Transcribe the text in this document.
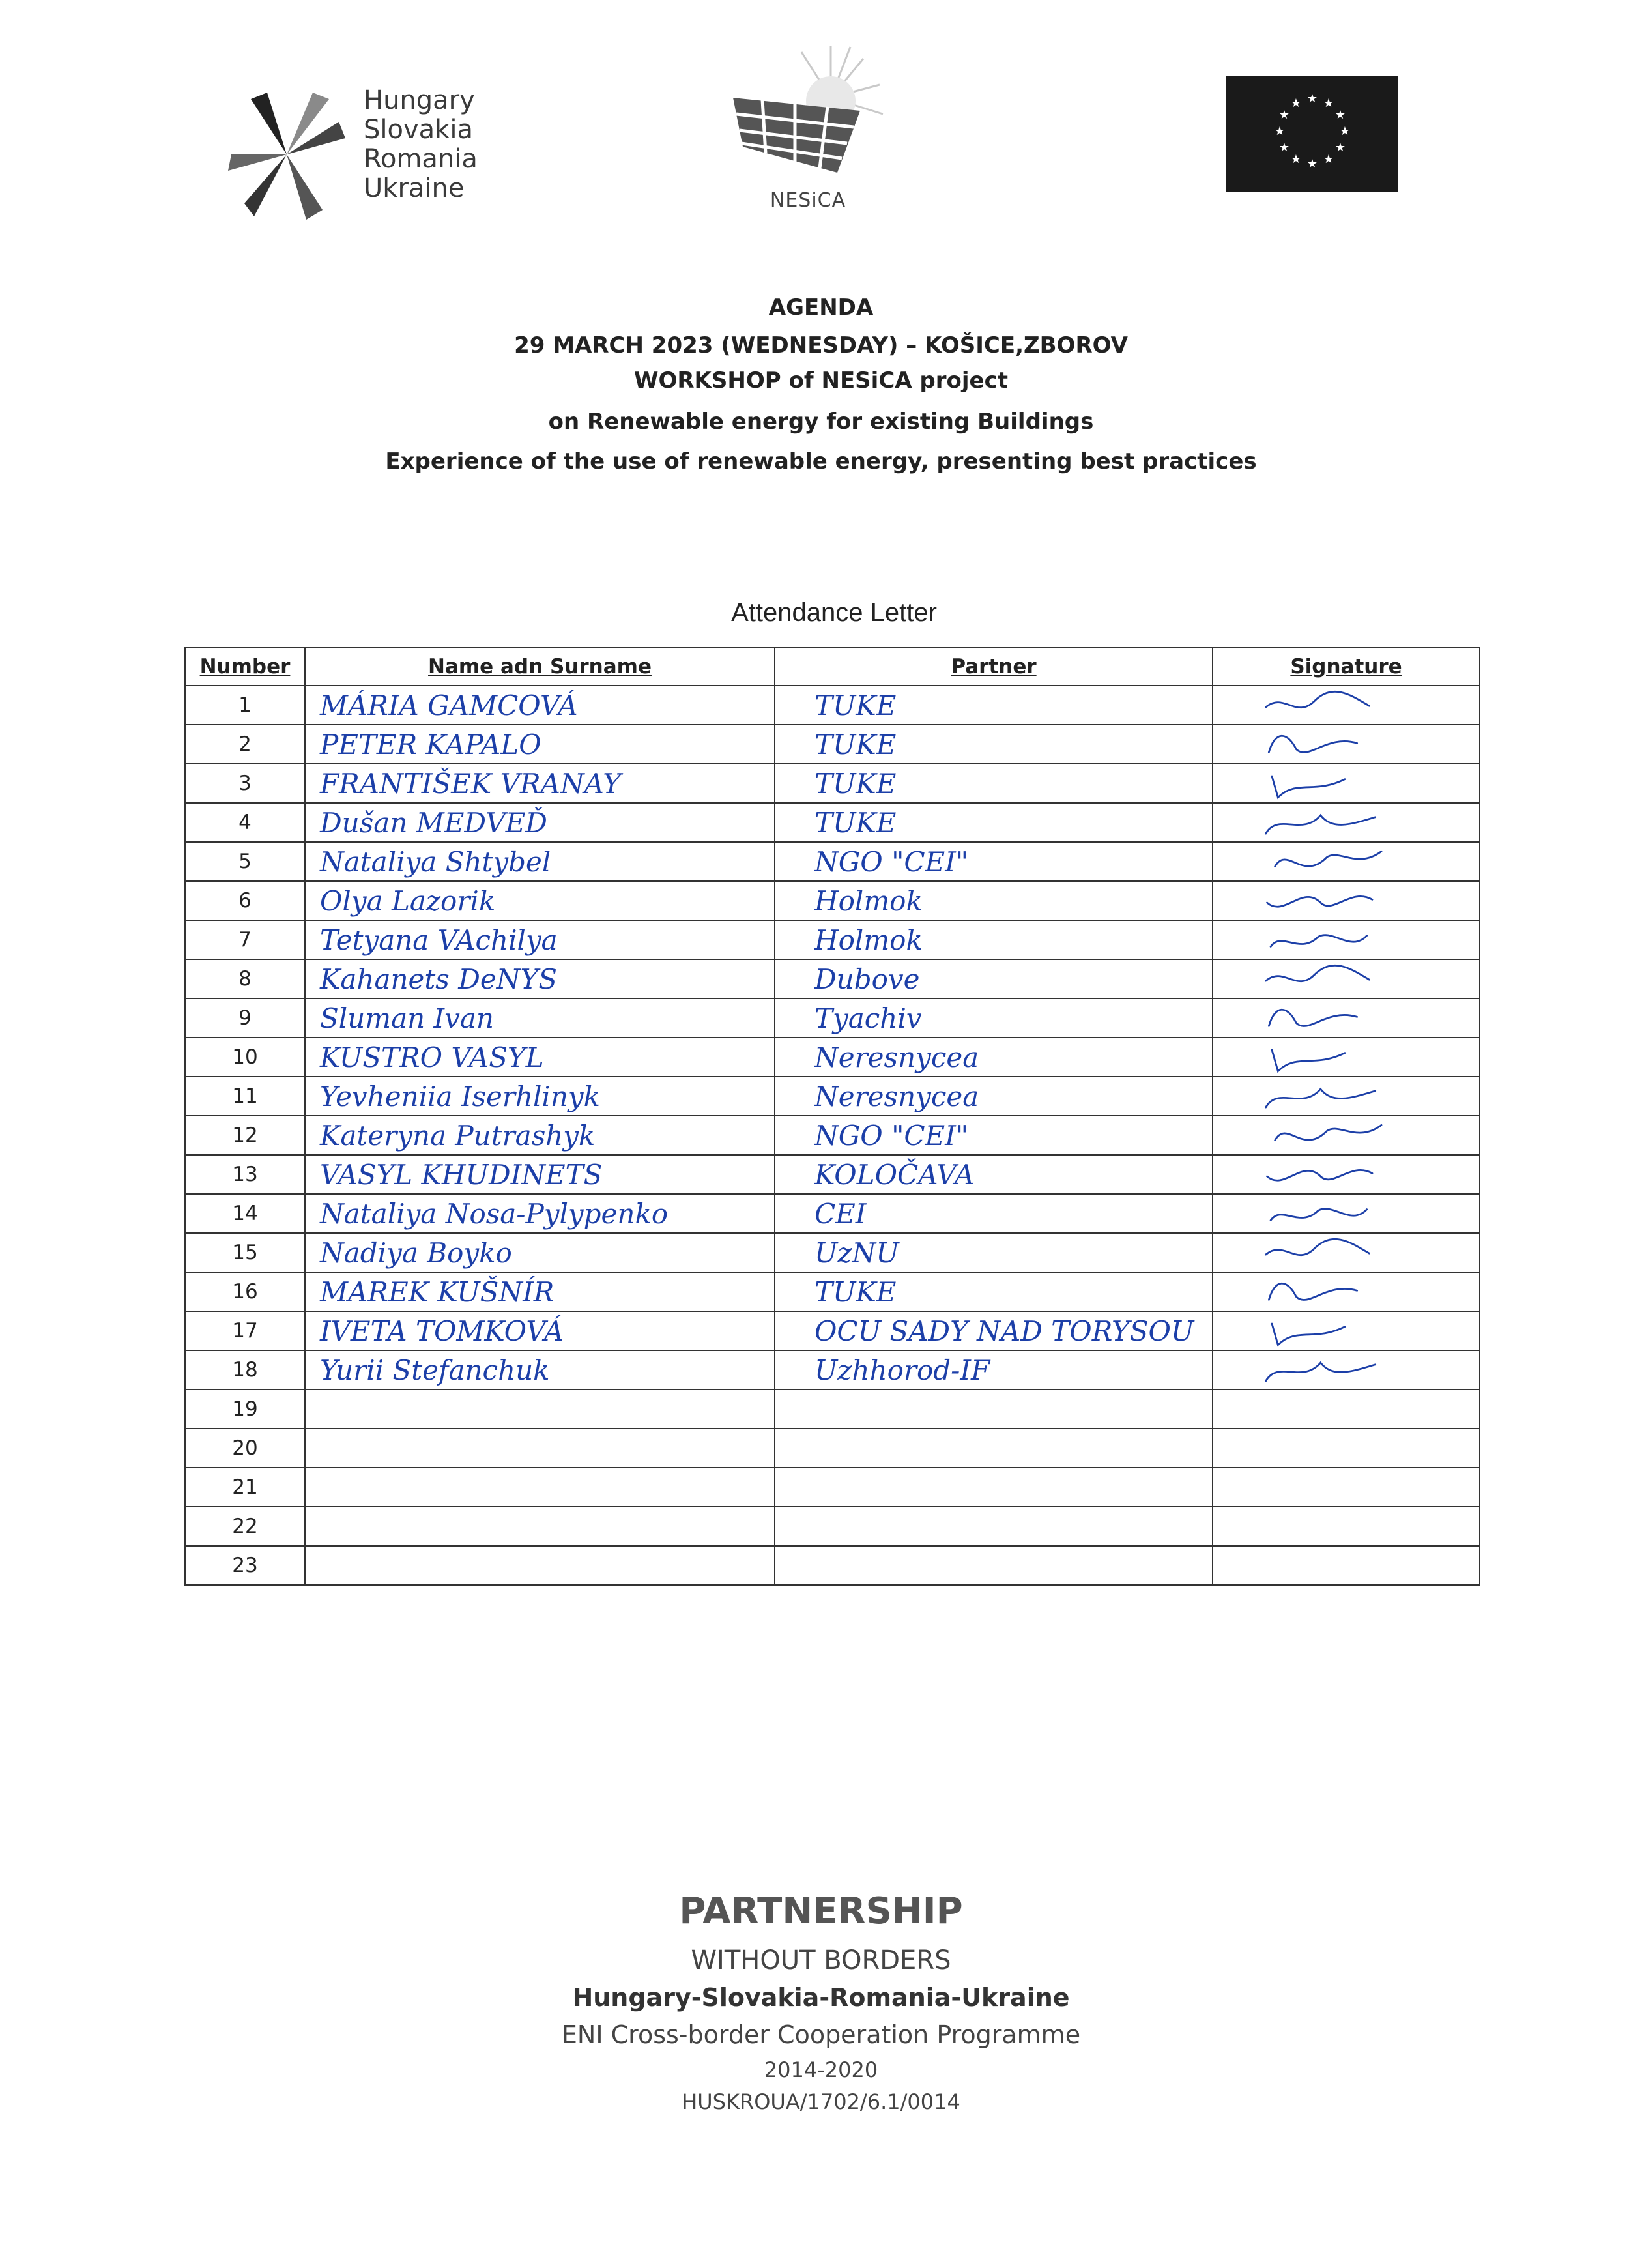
Hungary
Slovakia
Romania
Ukraine	NESiCA
★ ★
★
★
★
★
★
★
★
★
★
★
AGENDA
29 MARCH 2023 (WEDNESDAY) – KOŠICE,ZBOROV
WORKSHOP of NESiCA project
on Renewable energy for existing Buildings
Experience of the use of renewable energy, presenting best practices
Attendance Letter
Number	Name adn Surname	Partner	Signature
1	MÁRIA GAMCOVÁ	TUKE	

2	PETER KAPALO	TUKE	

3	FRANTIŠEK VRANAY	TUKE	

4	Dušan MEDVEĎ	TUKE	

5	Nataliya Shtybel	NGO "CEI"	

6	Olya Lazorik	Holmok	

7	Tetyana VAchilya	Holmok	

8	Kahanets DeNYS	Dubove	

9	Sluman Ivan	Tyachiv	

10	KUSTRO VASYL	Neresnycea	

11	Yevheniia Iserhlinyk	Neresnycea	

12	Kateryna Putrashyk	NGO "CEI"	

13	VASYL KHUDINETS	KOLOČAVA	

14	Nataliya Nosa-Pylypenko	CEI	

15	Nadiya Boyko	UzNU	

16	MAREK KUŠNÍR	TUKE	

17	IVETA TOMKOVÁ	OCU SADY NAD TORYSOU	

18	Yurii Stefanchuk	Uzhhorod-IF	

19			
20			
21			
22			
23			
PARTNERSHIP
WITHOUT BORDERS
Hungary-Slovakia-Romania-Ukraine
ENI Cross-border Cooperation Programme
2014-2020
HUSKROUA/1702/6.1/0014
